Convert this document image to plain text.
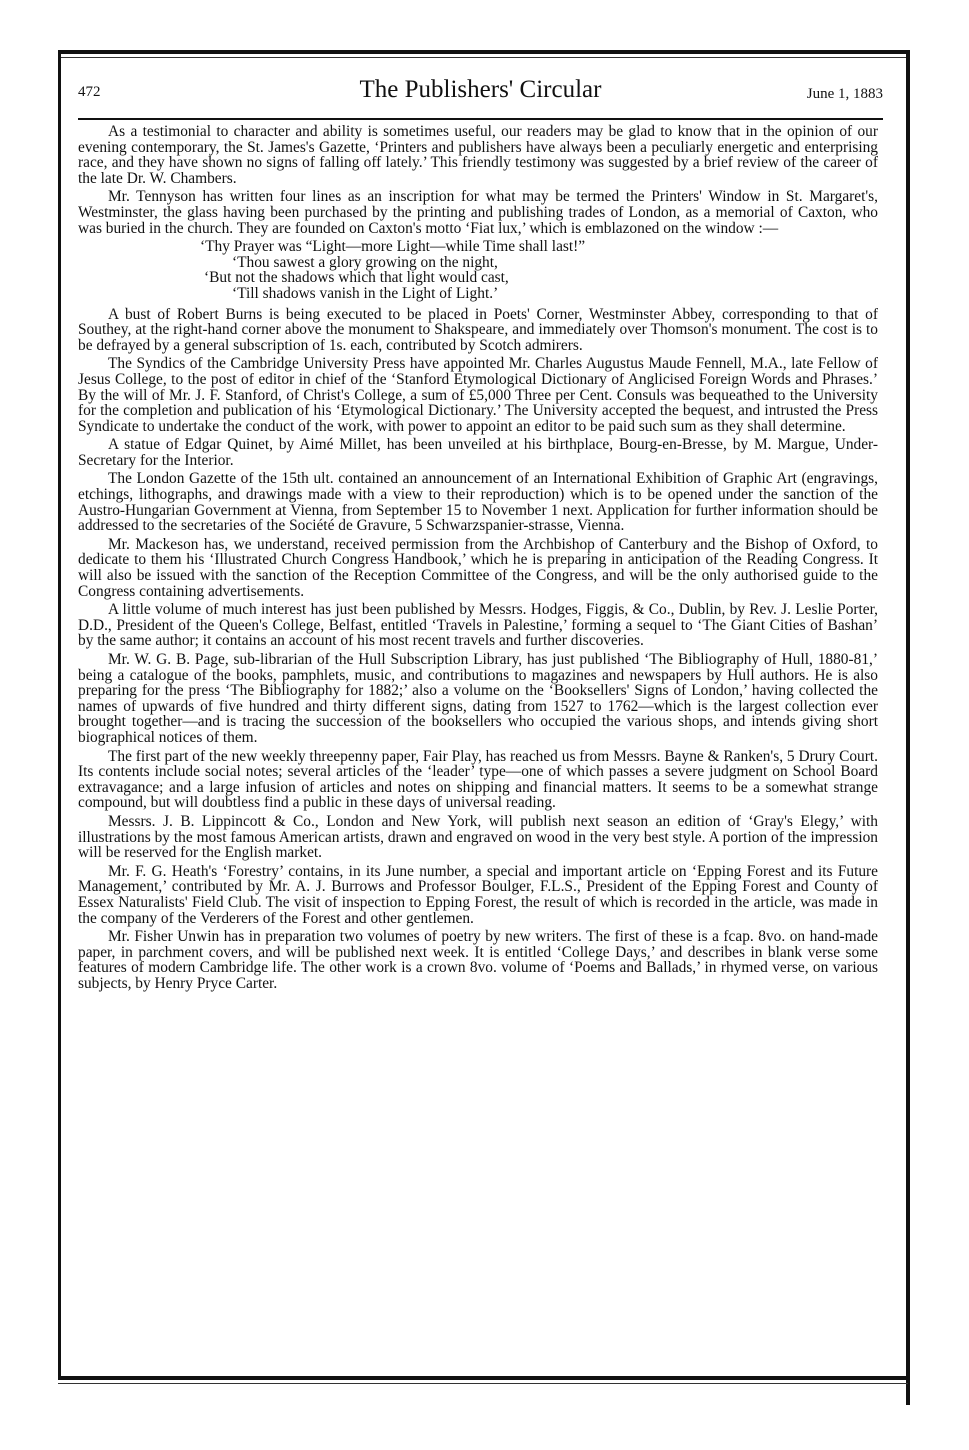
472	The Publishers' Circular	June 1, 1883

As a testimonial to character and ability is sometimes useful, our readers may be glad to know that in the opinion of our evening contemporary, the St. James's Gazette, ‘Printers and publishers have always been a peculiarly energetic and enterprising race, and they have shown no signs of falling off lately.’ This friendly testimony was suggested by a brief review of the career of the late Dr. W. Chambers.

Mr. Tennyson has written four lines as an inscription for what may be termed the Printers' Window in St. Margaret's, Westminster, the glass having been purchased by the printing and publishing trades of London, as a memorial of Caxton, who was buried in the church. They are founded on Caxton's motto ‘Fiat lux,’ which is emblazoned on the window :—

‘Thy Prayer was “Light—more Light—while Time shall last!”
‘Thou sawest a glory growing on the night,
‘But not the shadows which that light would cast,
‘Till shadows vanish in the Light of Light.’

A bust of Robert Burns is being executed to be placed in Poets' Corner, Westminster Abbey, corresponding to that of Southey, at the right-hand corner above the monument to Shakspeare, and immediately over Thomson's monument. The cost is to be defrayed by a general subscription of 1s. each, contributed by Scotch admirers.

The Syndics of the Cambridge University Press have appointed Mr. Charles Augustus Maude Fennell, M.A., late Fellow of Jesus College, to the post of editor in chief of the ‘Stanford Etymological Dictionary of Anglicised Foreign Words and Phrases.’ By the will of Mr. J. F. Stanford, of Christ's College, a sum of £5,000 Three per Cent. Consuls was bequeathed to the University for the completion and publication of his ‘Etymological Dictionary.’ The University accepted the bequest, and intrusted the Press Syndicate to undertake the conduct of the work, with power to appoint an editor to be paid such sum as they shall determine.

A statue of Edgar Quinet, by Aimé Millet, has been unveiled at his birthplace, Bourg-en-Bresse, by M. Margue, Under-Secretary for the Interior.

The London Gazette of the 15th ult. contained an announcement of an International Exhibition of Graphic Art (engravings, etchings, lithographs, and drawings made with a view to their reproduction) which is to be opened under the sanction of the Austro-Hungarian Government at Vienna, from September 15 to November 1 next. Application for further information should be addressed to the secretaries of the Société de Gravure, 5 Schwarzspanier-strasse, Vienna.

Mr. Mackeson has, we understand, received permission from the Archbishop of Canterbury and the Bishop of Oxford, to dedicate to them his ‘Illustrated Church Congress Handbook,’ which he is preparing in anticipation of the Reading Congress. It will also be issued with the sanction of the Reception Committee of the Congress, and will be the only authorised guide to the Congress containing advertisements.

A little volume of much interest has just been published by Messrs. Hodges, Figgis, & Co., Dublin, by Rev. J. Leslie Porter, D.D., President of the Queen's College, Belfast, entitled ‘Travels in Palestine,’ forming a sequel to ‘The Giant Cities of Bashan’ by the same author; it contains an account of his most recent travels and further discoveries.

Mr. W. G. B. Page, sub-librarian of the Hull Subscription Library, has just published ‘The Bibliography of Hull, 1880-81,’ being a catalogue of the books, pamphlets, music, and contributions to magazines and newspapers by Hull authors. He is also preparing for the press ‘The Bibliography for 1882;’ also a volume on the ‘Booksellers' Signs of London,’ having collected the names of upwards of five hundred and thirty different signs, dating from 1527 to 1762—which is the largest collection ever brought together—and is tracing the succession of the booksellers who occupied the various shops, and intends giving short biographical notices of them.

The first part of the new weekly threepenny paper, Fair Play, has reached us from Messrs. Bayne & Ranken's, 5 Drury Court. Its contents include social notes; several articles of the ‘leader’ type—one of which passes a severe judgment on School Board extravagance; and a large infusion of articles and notes on shipping and financial matters. It seems to be a somewhat strange compound, but will doubtless find a public in these days of universal reading.

Messrs. J. B. Lippincott & Co., London and New York, will publish next season an edition of ‘Gray's Elegy,’ with illustrations by the most famous American artists, drawn and engraved on wood in the very best style. A portion of the impression will be reserved for the English market.

Mr. F. G. Heath's ‘Forestry’ contains, in its June number, a special and important article on ‘Epping Forest and its Future Management,’ contributed by Mr. A. J. Burrows and Professor Boulger, F.L.S., President of the Epping Forest and County of Essex Naturalists' Field Club. The visit of inspection to Epping Forest, the result of which is recorded in the article, was made in the company of the Verderers of the Forest and other gentlemen.

Mr. Fisher Unwin has in preparation two volumes of poetry by new writers. The first of these is a fcap. 8vo. on hand-made paper, in parchment covers, and will be published next week. It is entitled ‘College Days,’ and describes in blank verse some features of modern Cambridge life. The other work is a crown 8vo. volume of ‘Poems and Ballads,’ in rhymed verse, on various subjects, by Henry Pryce Carter.
